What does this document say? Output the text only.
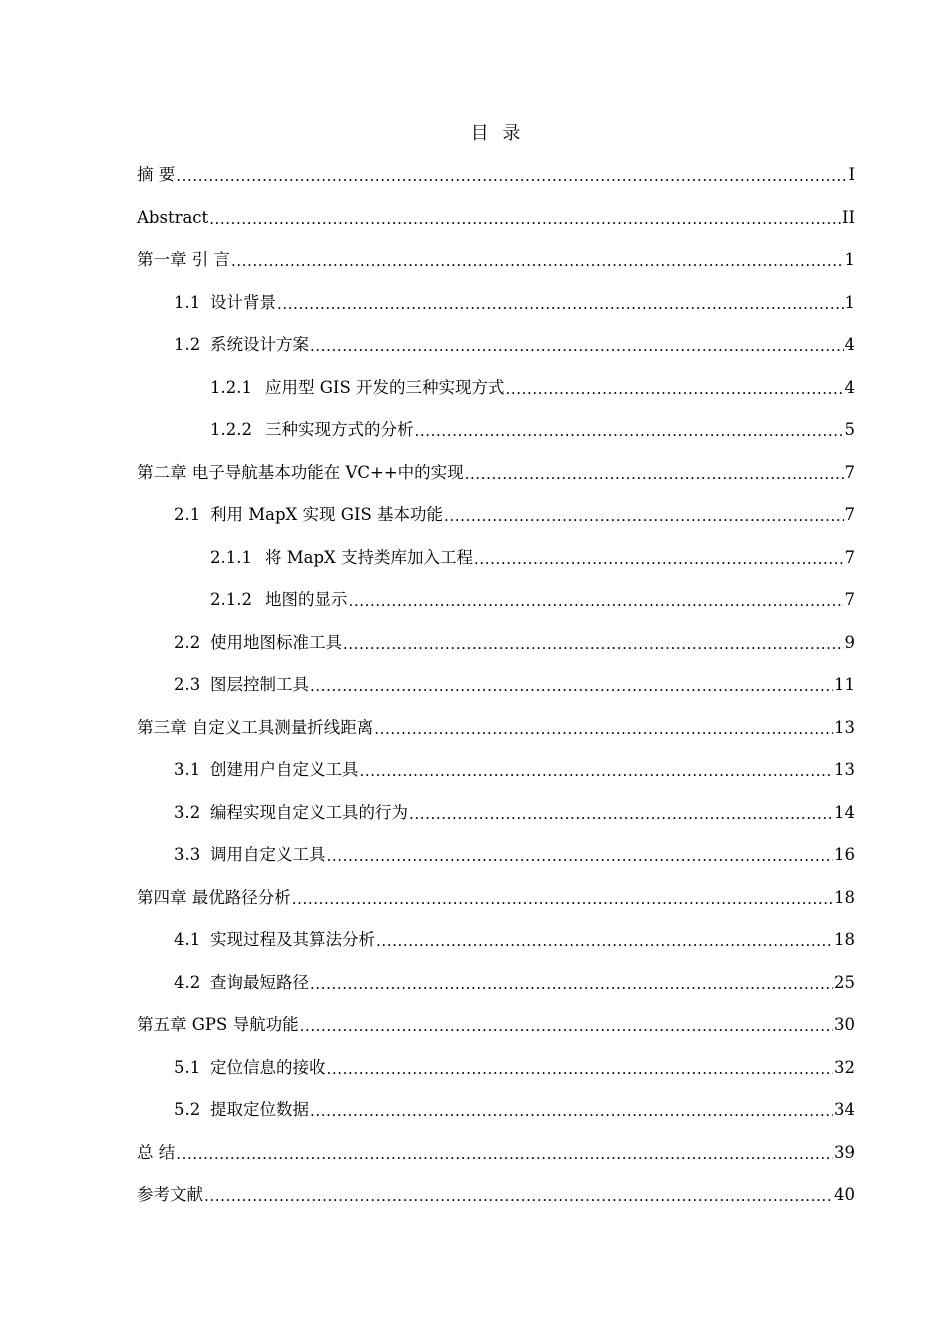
目 录
摘 要 .....	I
Abstract .....	II
第一章 引 言 .....	1
1.1 设计背景 .....	1
1.2 系统设计方案 .....	4
1.2.1 应用型 GIS 开发的三种实现方式 .....	4
1.2.2 三种实现方式的分析 .....	5
第二章 电子导航基本功能在 VC++中的实现 .....	7
2.1 利用 MapX 实现 GIS 基本功能 .....	7
2.1.1 将 MapX 支持类库加入工程 .....	7
2.1.2 地图的显示 .....	7
2.2 使用地图标准工具 .....	9
2.3 图层控制工具 .....	11
第三章 自定义工具测量折线距离 .....	13
3.1 创建用户自定义工具 .....	13
3.2 编程实现自定义工具的行为 .....	14
3.3 调用自定义工具 .....	16
第四章 最优路径分析 .....	18
4.1 实现过程及其算法分析 .....	18
4.2 查询最短路径 .....	25
第五章 GPS 导航功能 .....	30
5.1 定位信息的接收 .....	32
5.2 提取定位数据 .....	34
总 结 .....	39
参考文献 .....	40
